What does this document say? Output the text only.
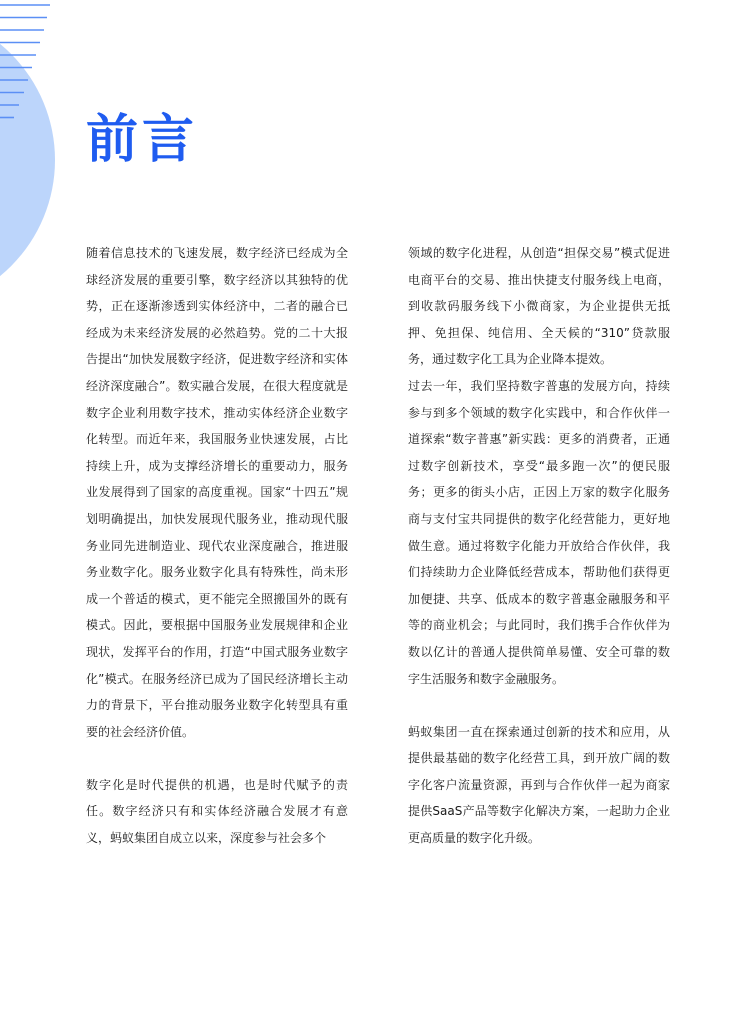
前言

随着信息技术的飞速发展，数字经济已经成为全球经济发展的重要引擎，数字经济以其独特的优势，正在逐渐渗透到实体经济中，二者的融合已经成为未来经济发展的必然趋势。党的二十大报告提出“加快发展数字经济，促进数字经济和实体经济深度融合”。数实融合发展，在很大程度就是数字企业利用数字技术，推动实体经济企业数字化转型。而近年来，我国服务业快速发展，占比持续上升，成为支撑经济增长的重要动力，服务业发展得到了国家的高度重视。国家“十四五”规划明确提出，加快发展现代服务业，推动现代服务业同先进制造业、现代农业深度融合，推进服务业数字化。服务业数字化具有特殊性，尚未形成一个普适的模式，更不能完全照搬国外的既有模式。因此，要根据中国服务业发展规律和企业现状，发挥平台的作用，打造“中国式服务业数字化”模式。在服务经济已成为了国民经济增长主动力的背景下，平台推动服务业数字化转型具有重要的社会经济价值。

数字化是时代提供的机遇，也是时代赋予的责任。数字经济只有和实体经济融合发展才有意义，蚂蚁集团自成立以来，深度参与社会多个

领域的数字化进程，从创造“担保交易”模式促进电商平台的交易、推出快捷支付服务线上电商，到收款码服务线下小微商家，为企业提供无抵押、免担保、纯信用、全天候的“310”贷款服务，通过数字化工具为企业降本提效。

过去一年，我们坚持数字普惠的发展方向，持续参与到多个领域的数字化实践中，和合作伙伴一道探索“数字普惠”新实践：更多的消费者，正通过数字创新技术，享受“最多跑一次”的便民服务；更多的街头小店，正因上万家的数字化服务商与支付宝共同提供的数字化经营能力，更好地做生意。通过将数字化能力开放给合作伙伴，我们持续助力企业降低经营成本，帮助他们获得更加便捷、共享、低成本的数字普惠金融服务和平等的商业机会；与此同时，我们携手合作伙伴为数以亿计的普通人提供简单易懂、安全可靠的数字生活服务和数字金融服务。

蚂蚁集团一直在探索通过创新的技术和应用，从提供最基础的数字化经营工具，到开放广阔的数字化客户流量资源，再到与合作伙伴一起为商家提供SaaS产品等数字化解决方案，一起助力企业更高质量的数字化升级。
